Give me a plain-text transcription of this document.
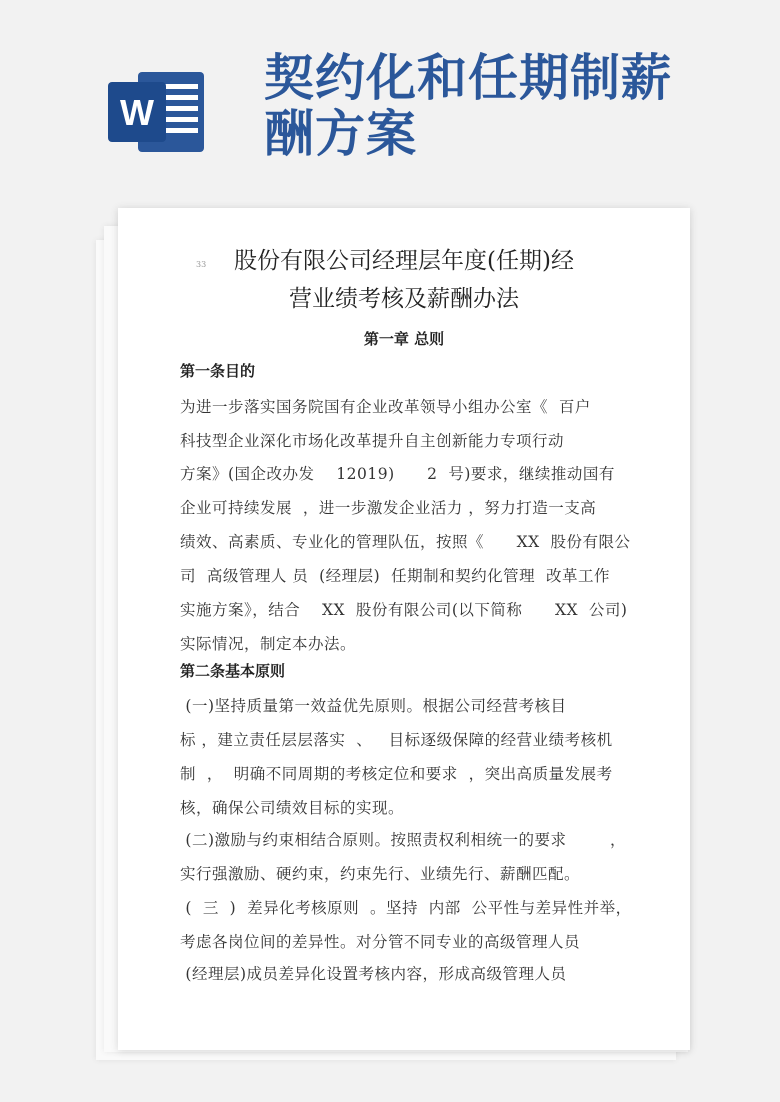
W
契约化和任期制薪
酬方案
33	股份有限公司经理层年度(任期)经
营业绩考核及薪酬办法
第一章 总则
第一条目的
为进一步落实国务院国有企业改革领导小组办公室《  百户
科技型企业深化市场化改革提升自主创新能力专项行动
方案》(国企改办发    12019)      2  号)要求，继续推动国有
企业可持续发展  ，进一步激发企业活力 ，努力打造一支高
绩效、高素质、专业化的管理队伍，按照《      XX  股份有限公
司  高级管理人 员  (经理层)  任期制和契约化管理  改革工作
实施方案》，结合    XX  股份有限公司(以下简称      XX  公司)
实际情况，制定本办法。
第二条基本原则
(一)坚持质量第一效益优先原则。根据公司经营考核目
标 ，建立责任层层落实  、   目标逐级保障的经营业绩考核机
制  ，  明确不同周期的考核定位和要求  ，突出高质量发展考
核，确保公司绩效目标的实现。
(二)激励与约束相结合原则。按照责权利相统一的要求        ，
实行强激励、硬约束，约束先行、业绩先行、薪酬匹配。
(  三  )  差异化考核原则  。坚持  内部  公平性与差异性并举，
考虑各岗位间的差异性。对分管不同专业的高级管理人员
(经理层)成员差异化设置考核内容，形成高级管理人员
